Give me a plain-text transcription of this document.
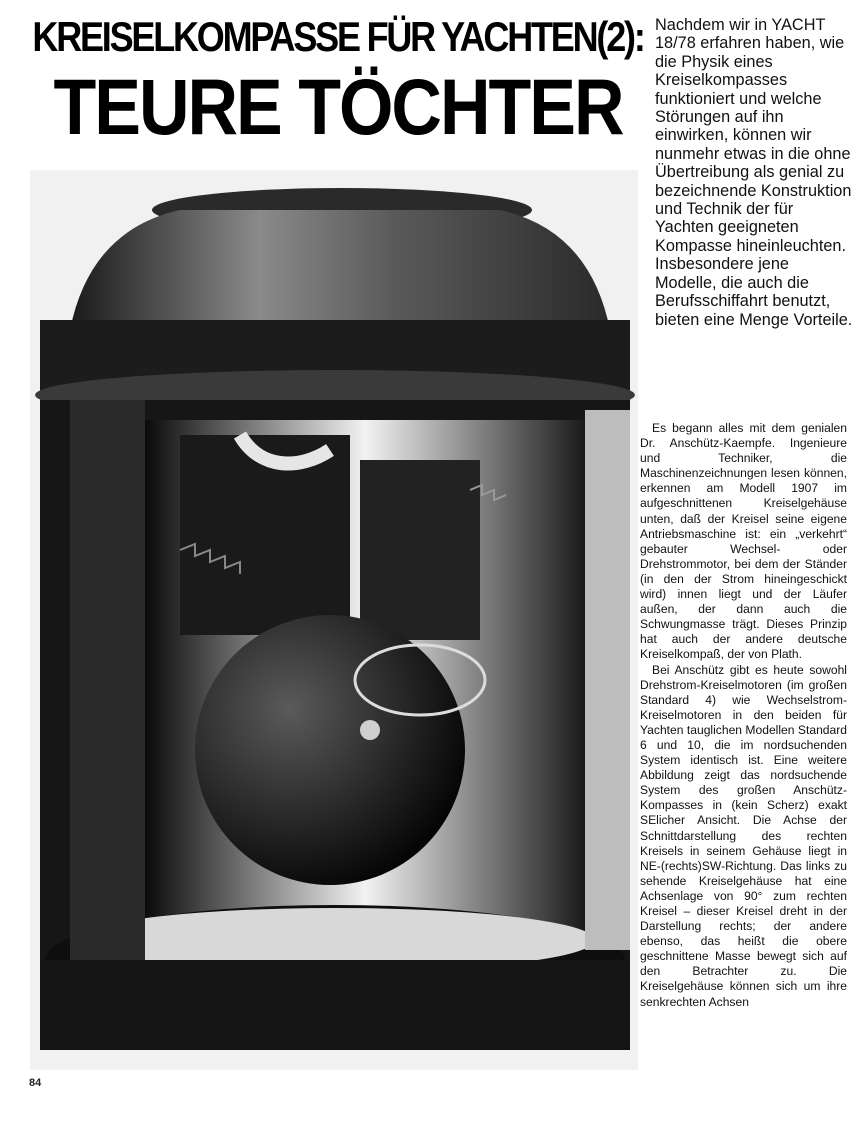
KREISELKOMPASSE FÜR YACHTEN(2):
TEURE TÖCHTER

Nachdem wir in YACHT 18/78 erfahren haben, wie die Physik eines Kreiselkompasses funktioniert und welche Störungen auf ihn einwirken, können wir nunmehr etwas in die ohne Übertreibung als genial zu bezeichnende Konstruktion und Technik der für Yachten geeigneten Kompasse hineinleuchten. Insbesondere jene Modelle, die auch die Berufsschiffahrt benutzt, bieten eine Menge Vorteile.

Es begann alles mit dem genialen Dr. Anschütz-Kaempfe. Ingenieure und Techniker, die Maschinenzeichnungen lesen können, erkennen am Modell 1907 im aufgeschnittenen Kreiselgehäuse unten, daß der Kreisel seine eigene Antriebsmaschine ist: ein „verkehrt“ gebauter Wechsel- oder Drehstrommotor, bei dem der Ständer (in den der Strom hineingeschickt wird) innen liegt und der Läufer außen, der dann auch die Schwungmasse trägt. Dieses Prinzip hat auch der andere deutsche Kreiselkompaß, der von Plath.

Bei Anschütz gibt es heute sowohl Drehstrom-Kreiselmotoren (im großen Standard 4) wie Wechselstrom-Kreiselmotoren in den beiden für Yachten tauglichen Modellen Standard 6 und 10, die im nordsuchenden System identisch ist. Eine weitere Abbildung zeigt das nordsuchende System des großen Anschütz-Kompasses in (kein Scherz) exakt SElicher Ansicht. Die Achse der Schnittdarstellung des rechten Kreisels in seinem Gehäuse liegt in NE-(rechts)SW-Richtung. Das links zu sehende Kreiselgehäuse hat eine Achsenlage von 90° zum rechten Kreisel – dieser Kreisel dreht in der Darstellung rechts; der andere ebenso, das heißt die obere geschnittene Masse bewegt sich auf den Betrachter zu. Die Kreiselgehäuse können sich um ihre senkrechten Achsen

84
